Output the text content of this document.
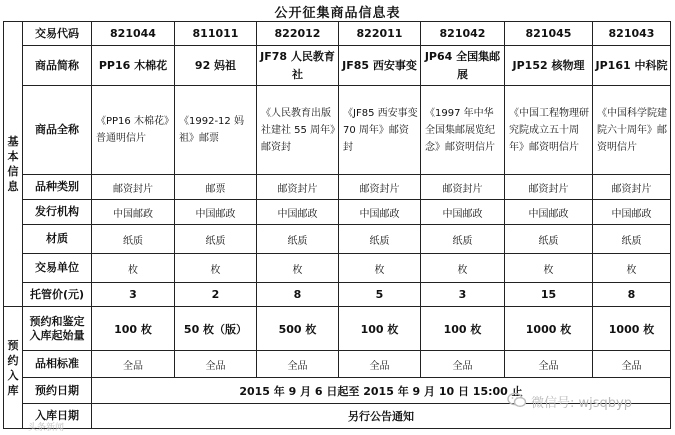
公开征集商品信息表
基
本
信
息	交易代码	821044	811011	822012	822011	821042	821045	821043
	商品简称	PP16 木棉花	92 妈祖	JF78 人民教育社	JF85 西安事变	JP64 全国集邮展	JP152 核物理	JP161 中科院
	商品全称	《PP16 木棉花》普通明信片	《1992-12 妈祖》邮票	《人民教育出版社建社 55 周年》邮资封	《JF85 西安事变 70 周年》邮资封	《1997 年中华全国集邮展览纪念》邮资明信片	《中国工程物理研究院成立五十周年》邮资明信片	《中国科学院建院六十周年》邮资明信片

	品种类别	邮资封片	邮票	邮资封片	邮资封片	邮资封片	邮资封片	邮资封片
	发行机构	中国邮政	中国邮政	中国邮政	中国邮政	中国邮政	中国邮政	中国邮政
	材质	纸质	纸质	纸质	纸质	纸质	纸质	纸质
	交易单位	枚	枚	枚	枚	枚	枚	枚
	托管价(元)	3	2	8	5	3	15	8

预
约
入
库	预约和鉴定入库起始量	100 枚	50 枚（版）	500 枚	100 枚	100 枚	1000 枚	1000 枚
	品相标准	全品	全品	全品	全品	全品	全品	全品
	预约日期	2015 年 9 月 6 日起至 2015 年 9 月 10 日 15:00 止						
	入库日期	另行公告通知						
微信号: wjsqbyp
头条新闻
